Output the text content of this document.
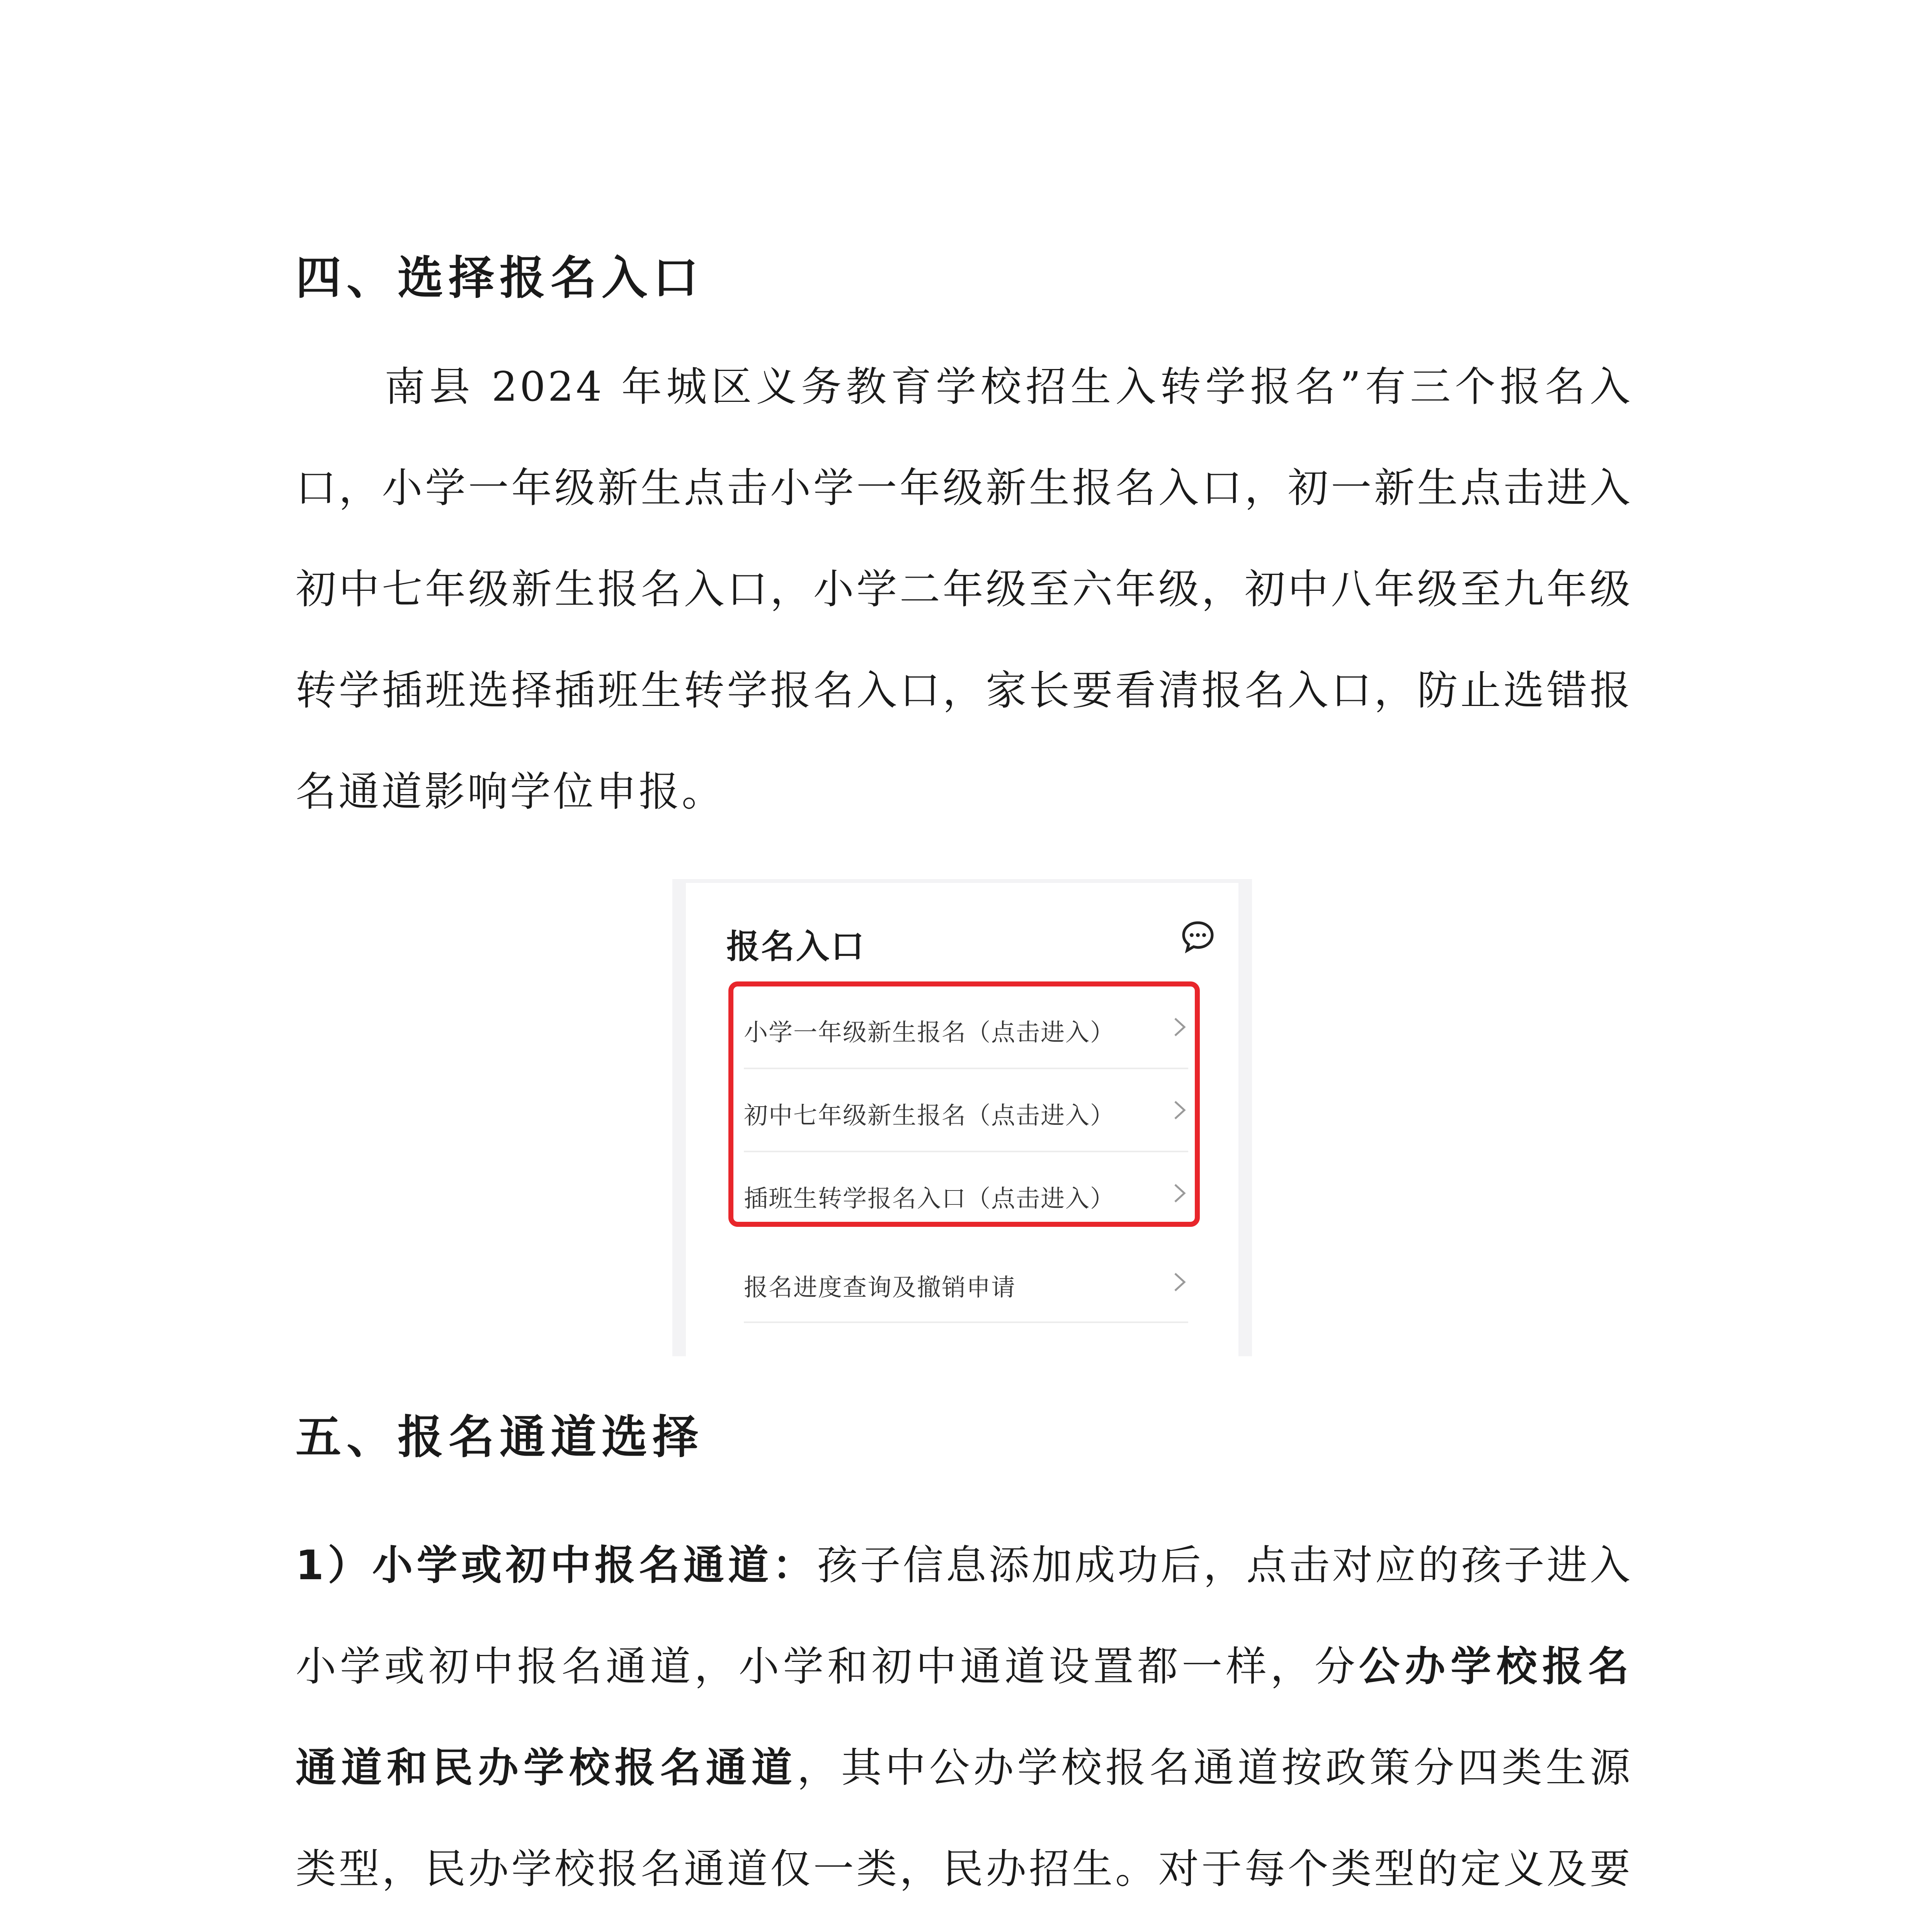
四、选择报名入口
南县 2024 年城区义务教育学校招生入转学报名”有三个报名入口，小学一年级新生点击小学一年级新生报名入口，初一新生点击进入初中七年级新生报名入口，小学二年级至六年级，初中八年级至九年级转学插班选择插班生转学报名入口，家长要看清报名入口，防止选错报名通道影响学位申报。
报名入口
小学一年级新生报名（点击进入）
初中七年级新生报名（点击进入）
插班生转学报名入口（点击进入）
报名进度查询及撤销申请
五、报名通道选择
1）小学或初中报名通道：孩子信息添加成功后，点击对应的孩子进入小学或初中报名通道，小学和初中通道设置都一样，分公办学校报名通道和民办学校报名通道，其中公办学校报名通道按政策分四类生源类型，民办学校报名通道仅一类，民办招生。对于每个类型的定义及要
